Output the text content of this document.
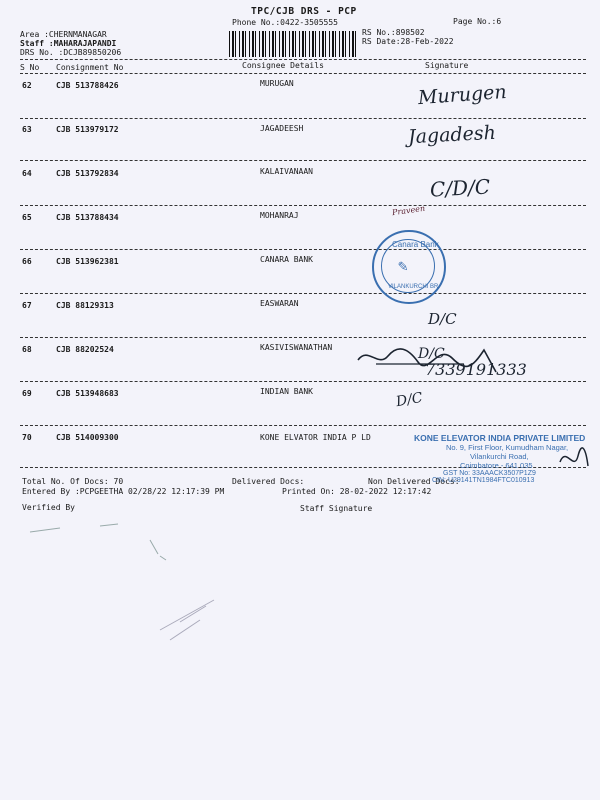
TPC/CJB DRS - PCP
Phone No.:0422-3505555	Page No.:6
Area :CHERNMANAGAR
Staff :MAHARAJAPANDI
DRS No. :DCJB89850206
RS No.:898502
RS Date:28-Feb-2022
S No Consignment No	Consignee Details	Signature
62	CJB 513788426	MURUGAN
63	CJB 513979172	JAGADEESH
64	CJB 513792834	KALAIVANAAN
65	CJB 513788434	MOHANRAJ
66	CJB 513962381	CANARA BANK
67	CJB 88129313	EASWARAN
68	CJB 88202524	KASIVISWANATHAN
69	CJB 513948683	INDIAN BANK
70	CJB 514009300	KONE ELVATOR INDIA P LD
Total No. Of Docs: 70	Delivered Docs:	Non Delivered Docs:
Entered By :PCPGEETHA 02/28/22 12:17:39 PM	Printed On: 28-02-2022 12:17:42
Verified By	Staff Signature
Murugen
Jagadesh
C/D/C
Praveen
D/C
D/C
7339191333
D/C
Canara Bank
VILANKURCHI BR
✎
KONE ELEVATOR INDIA PRIVATE LIMITED
No. 9, First Floor, Kumudham Nagar,
Vilankurchi Road,
Coimbatore - 641 035
GST No: 33AAACK3507P1Z9
CIN: U29141TN1984FTC010913
